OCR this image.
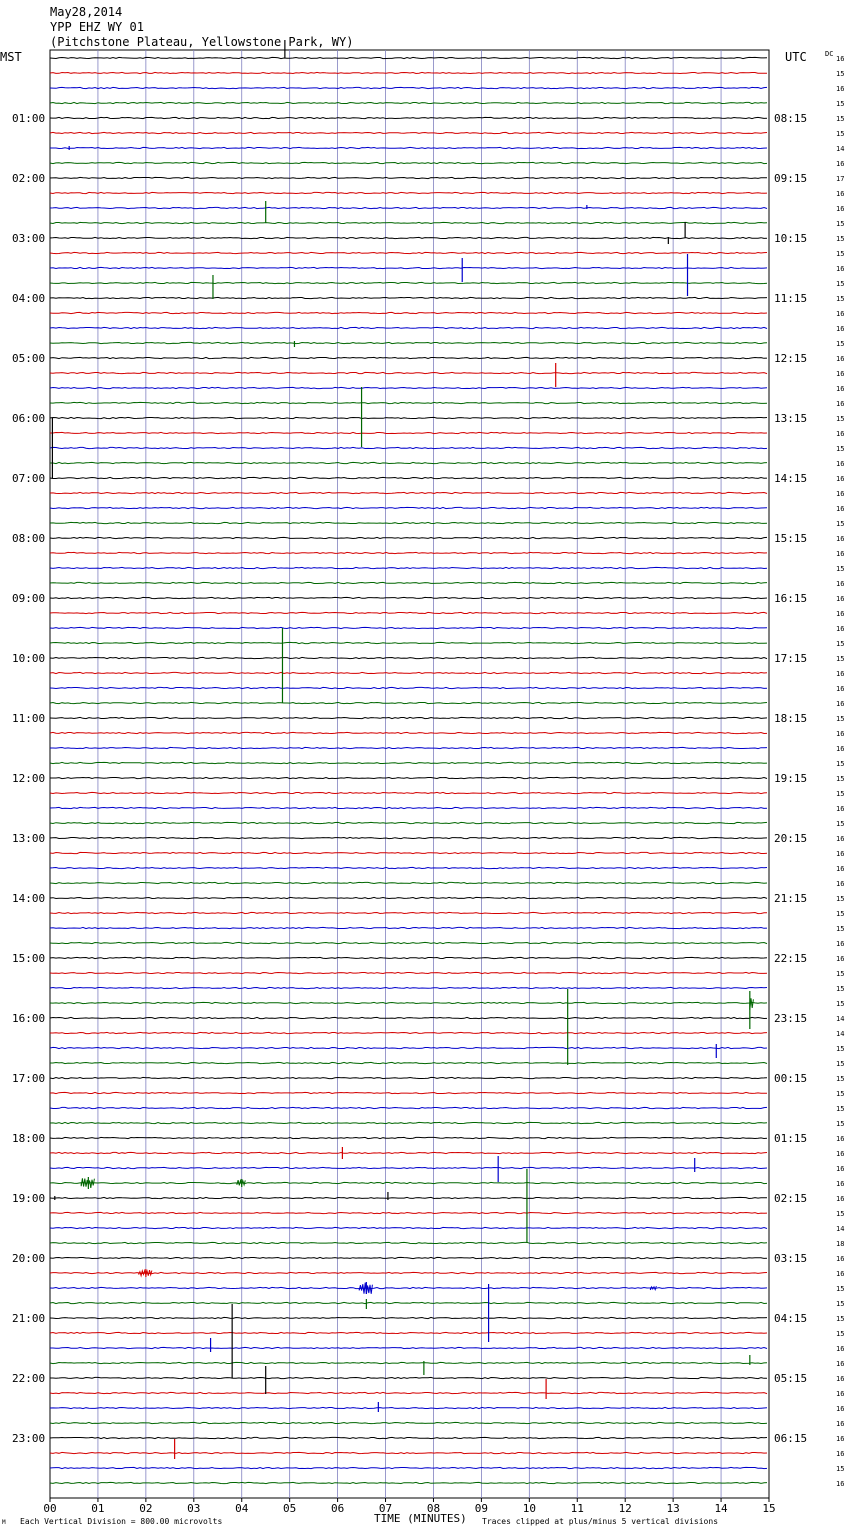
May28,2014
YPP EHZ WY 01
(Pitchstone Plateau, Yellowstone Park, WY)
MST	UTC	DC
01:00
02:00
03:00
04:00
05:00
06:00
07:00
08:00
09:00
10:00
11:00
12:00
13:00
14:00
15:00
16:00
17:00
18:00
19:00
20:00
21:00
22:00
23:00
08:15
09:15
10:15
11:15
12:15
13:15
14:15
15:15
16:15
17:15
18:15
19:15
20:15
21:15
22:15
23:15
00:15
01:15
02:15
03:15
04:15
05:15
06:15
16
15
16
15
15
15
14
16
17
16
16
15
15
15
16
15
15
16
16
15
16
16
16
16
15
16
15
16
16
16
16
15
16
16
15
16
16
16
16
15
15
16
16
16
15
16
16
15
15
15
16
15
16
16
16
16
15
15
15
16
16
15
15
15
14
14
15
15
15
15
15
15
16
16
16
16
16
15
14
18
16
16
15
15
15
15
16
16
16
16
16
16
16
16
15
16
00	01	02	03	04	05	06	07	08	09	10	11	12	13	14	15
M Each Vertical Division = 800.00 microvolts	TIME (MINUTES) Traces clipped at plus/minus 5 vertical divisions
